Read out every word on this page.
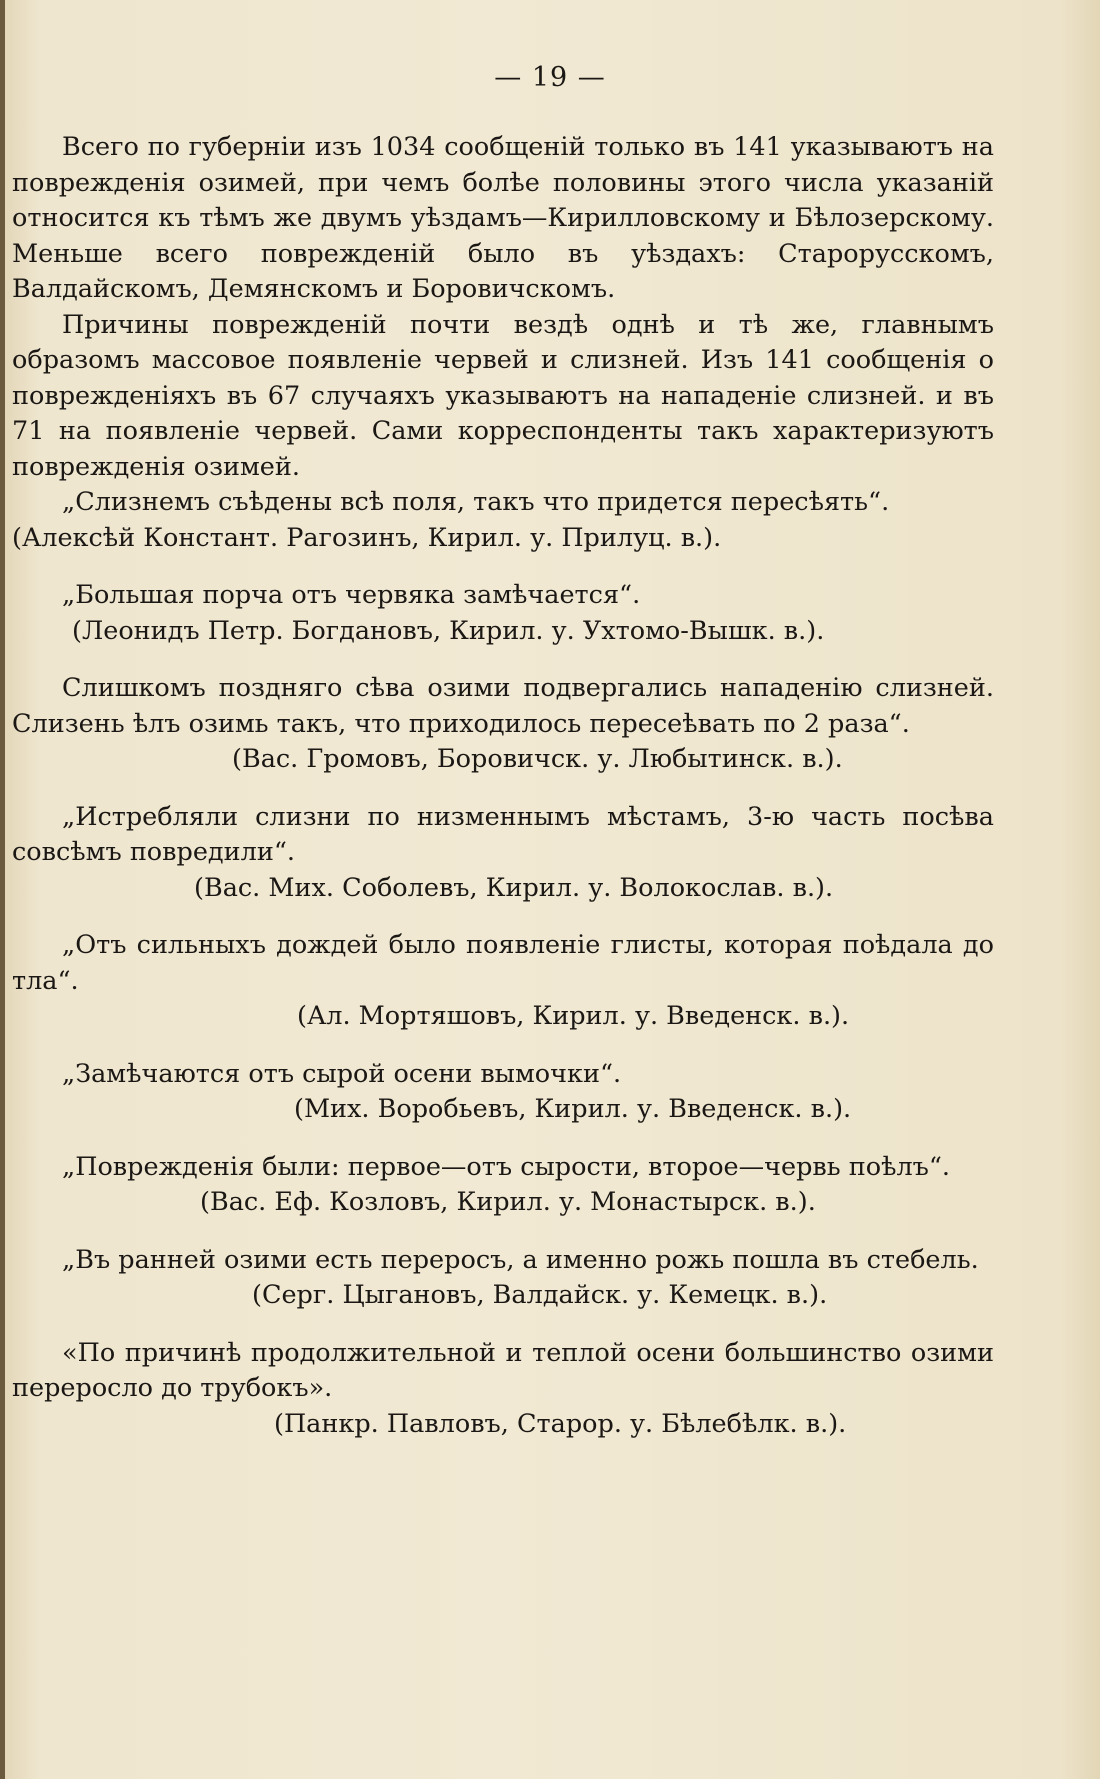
— 19 —

Всего по губерніи изъ 1034 сообщеній только въ 141 указываютъ на поврежденія озимей, при чемъ болѣе половины этого числа указаній относится къ тѣмъ же двумъ уѣздамъ—Кирилловскому и Бѣлозерскому. Меньше всего поврежденій было въ уѣздахъ: Старорусскомъ, Валдайскомъ, Демянскомъ и Боровичскомъ.

Причины поврежденій почти вездѣ однѣ и тѣ же, главнымъ образомъ массовое появленіе червей и слизней. Изъ 141 сообщенія о поврежденіяхъ въ 67 случаяхъ указываютъ на нападеніе слизней. и въ 71 на появленіе червей. Сами корреспонденты такъ характеризуютъ поврежденія озимей.

„Слизнемъ съѣдены всѣ поля, такъ что придется пересѣять“.

(Алексѣй Констант. Рагозинъ, Кирил. у. Прилуц. в.).

„Большая порча отъ червяка замѣчается“.

(Леонидъ Петр. Богдановъ, Кирил. у. Ухтомо-Вышк. в.).

Слишкомъ поздняго сѣва озими подвергались нападенію слизней. Слизень ѣлъ озимь такъ, что приходилось пересеѣвать по 2 раза“.

(Вас. Громовъ, Боровичск. у. Любытинск. в.).

„Истребляли слизни по низменнымъ мѣстамъ, 3-ю часть посѣва совсѣмъ повредили“.

(Вас. Мих. Соболевъ, Кирил. у. Волокослав. в.).

„Отъ сильныхъ дождей было появленіе глисты, которая поѣдала до тла“.

(Ал. Мортяшовъ, Кирил. у. Введенск. в.).

„Замѣчаются отъ сырой осени вымочки“.

(Мих. Воробьевъ, Кирил. у. Введенск. в.).

„Поврежденія были: первое—отъ сырости, второе—червь поѣлъ“.

(Вас. Еф. Козловъ, Кирил. у. Монастырск. в.).

„Въ ранней озими есть переросъ, а именно рожь пошла въ стебель.

(Серг. Цыгановъ, Валдайск. у. Кемецк. в.).

«По причинѣ продолжительной и теплой осени большинство озими переросло до трубокъ».

(Панкр. Павловъ, Старор. у. Бѣлебѣлк. в.).
